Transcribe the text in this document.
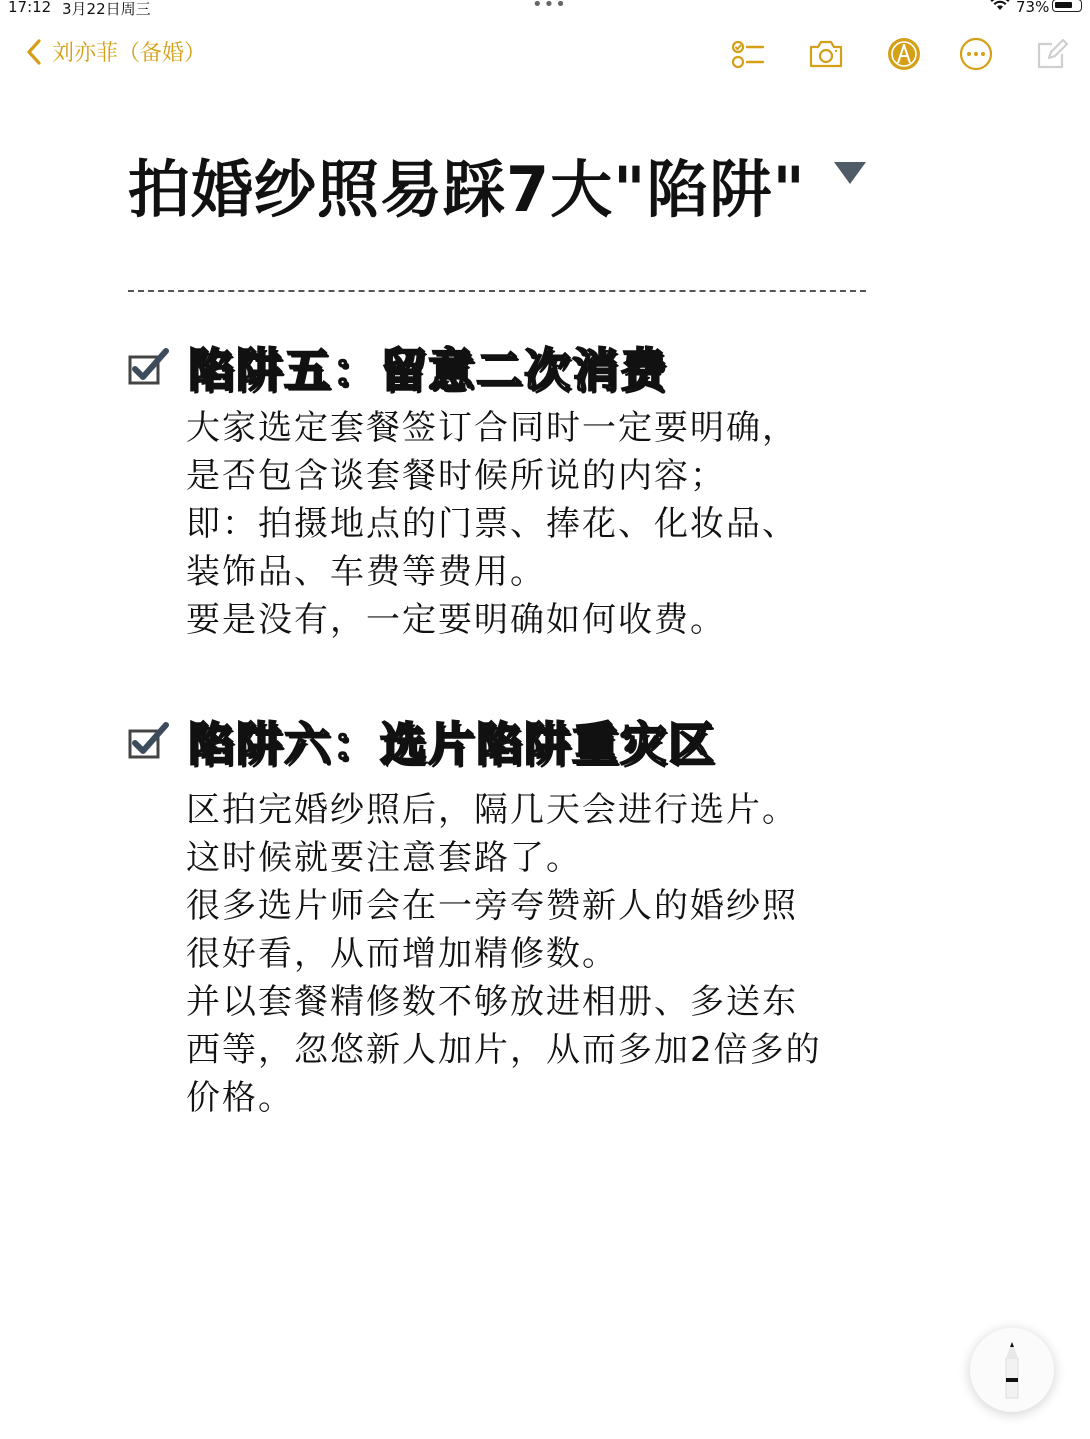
17:12 3月22日周三	•••	73%
刘亦菲（备婚）
拍婚纱照易踩7大"陷阱"
陷阱五：留意二次消费
大家选定套餐签订合同时一定要明确，
是否包含谈套餐时候所说的内容；
即：拍摄地点的门票、捧花、化妆品、
装饰品、车费等费用。
要是没有，一定要明确如何收费。
陷阱六：选片陷阱重灾区
区拍完婚纱照后，隔几天会进行选片。
这时候就要注意套路了。
很多选片师会在一旁夸赞新人的婚纱照
很好看，从而增加精修数。
并以套餐精修数不够放进相册、多送东
西等，忽悠新人加片，从而多加2倍多的
价格。
